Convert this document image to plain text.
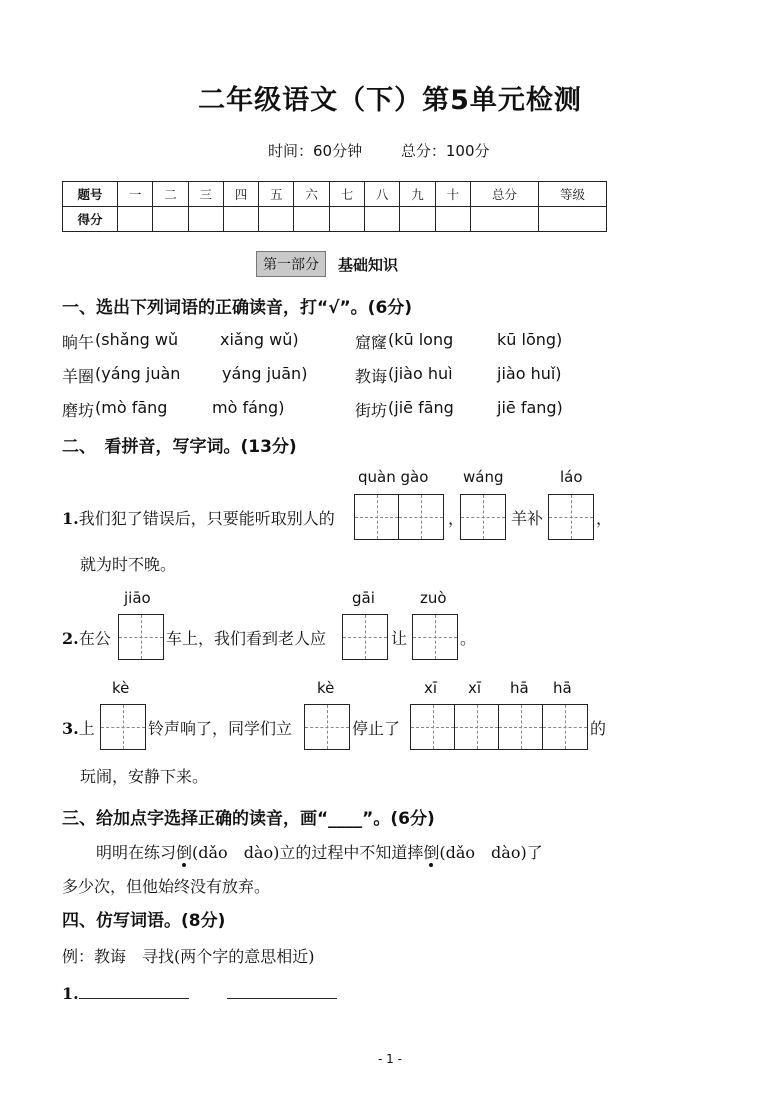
二年级语文（下）第5单元检测
时间：60分钟	总分：100分
题号	一	二	三	四	五	六	七	八	九	十	总分	等级
得分												
第一部分	基础知识
一、选出下列词语的正确读音，打“√”。(6分)
晌午 (shǎng wǔ	xiǎng wǔ)	窟窿 (kū long	kū lōng)
羊圈 (yáng juàn	yáng juān)	教诲 (jiào huì	jiào huǐ)
磨坊 (mò fāng	mò fáng)	街坊 (jiē fāng	jiē fang)
二、　看拼音，写字词。(13分)
quàn gào wáng	láo
1.我们犯了错误后，只要能听取别人的	，	羊补	，
就为时不晚。
jiāo	gāi	zuò
2.在公	车上，我们看到老人应	让	。
kè	kè	xī xī hā hā
3.上	铃声响了，同学们立	停止了	的
玩闹，安静下来。
三、给加点字选择正确的读音，画“____”。(6分)
明明在练习倒(dǎo　dào)立的过程中不知道摔倒(dǎo　dào)了
多少次，但他始终没有放弃。
四、仿写词语。(8分)
例：教诲　寻找(两个字的意思相近)
1.
- 1 -
